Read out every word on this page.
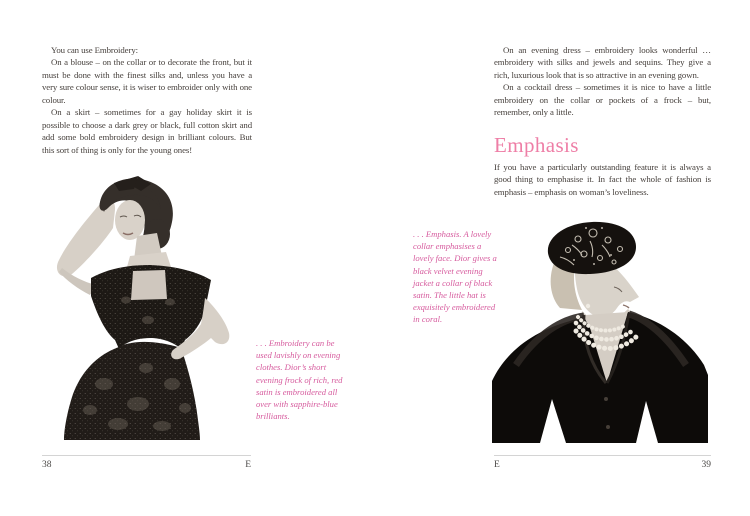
You can use Embroidery:

On a blouse – on the collar or to decorate the front, but it must be done with the finest silks and, unless you have a very sure colour sense, it is wiser to embroider only with one colour.

On a skirt – sometimes for a gay holiday skirt it is possible to choose a dark grey or black, full cotton skirt and add some bold embroidery design in brilliant colours. But this sort of thing is only for the young ones!

. . . Embroidery can be used lavishly on evening clothes. Dior’s short evening frock of rich, red satin is embroidered all over with sapphire-blue brilliants.
38	E

On an evening dress – embroidery looks wonderful … embroidery with silks and jewels and sequins. They give a rich, luxurious look that is so attractive in an evening gown.

On a cocktail dress – sometimes it is nice to have a little embroidery on the collar or pockets of a frock – but, remember, only a little.

Emphasis

If you have a particularly outstanding feature it is always a good thing to emphasise it. In fact the whole of fashion is emphasis – emphasis on woman’s loveliness.

. . . Emphasis. A lovely collar emphasises a lovely face. Dior gives a black velvet evening jacket a collar of black satin. The little hat is exquisitely embroidered in coral.
E	39
